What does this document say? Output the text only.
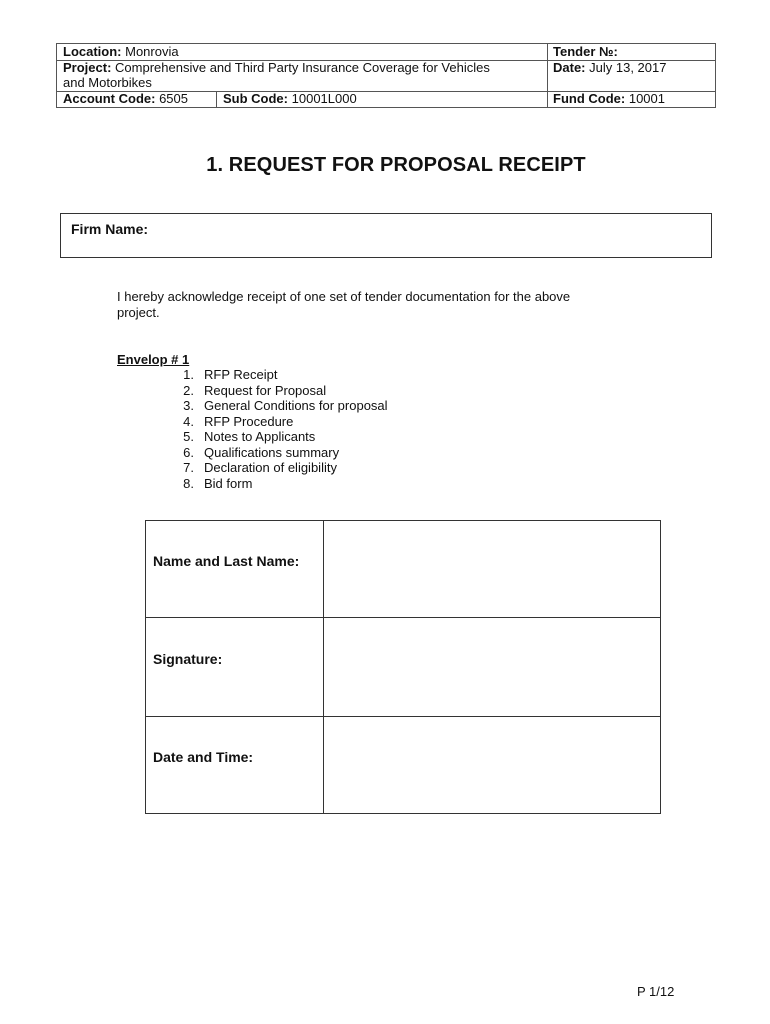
Location: Monrovia	Tender №:
Project: Comprehensive and Third Party Insurance Coverage for Vehicles
and Motorbikes
Date: July 13, 2017
Account Code: 6505	Sub Code: 10001L000	Fund Code: 10001
1. REQUEST FOR PROPOSAL RECEIPT
Firm Name:
I hereby acknowledge receipt of one set of tender documentation for the above
project.
Envelop # 1
1. RFP Receipt
2. Request for Proposal
3. General Conditions for proposal
4. RFP Procedure
5. Notes to Applicants
6. Qualifications summary
7. Declaration of eligibility
8. Bid form
Name and Last Name:
Signature:
Date and Time:
P 1/12
